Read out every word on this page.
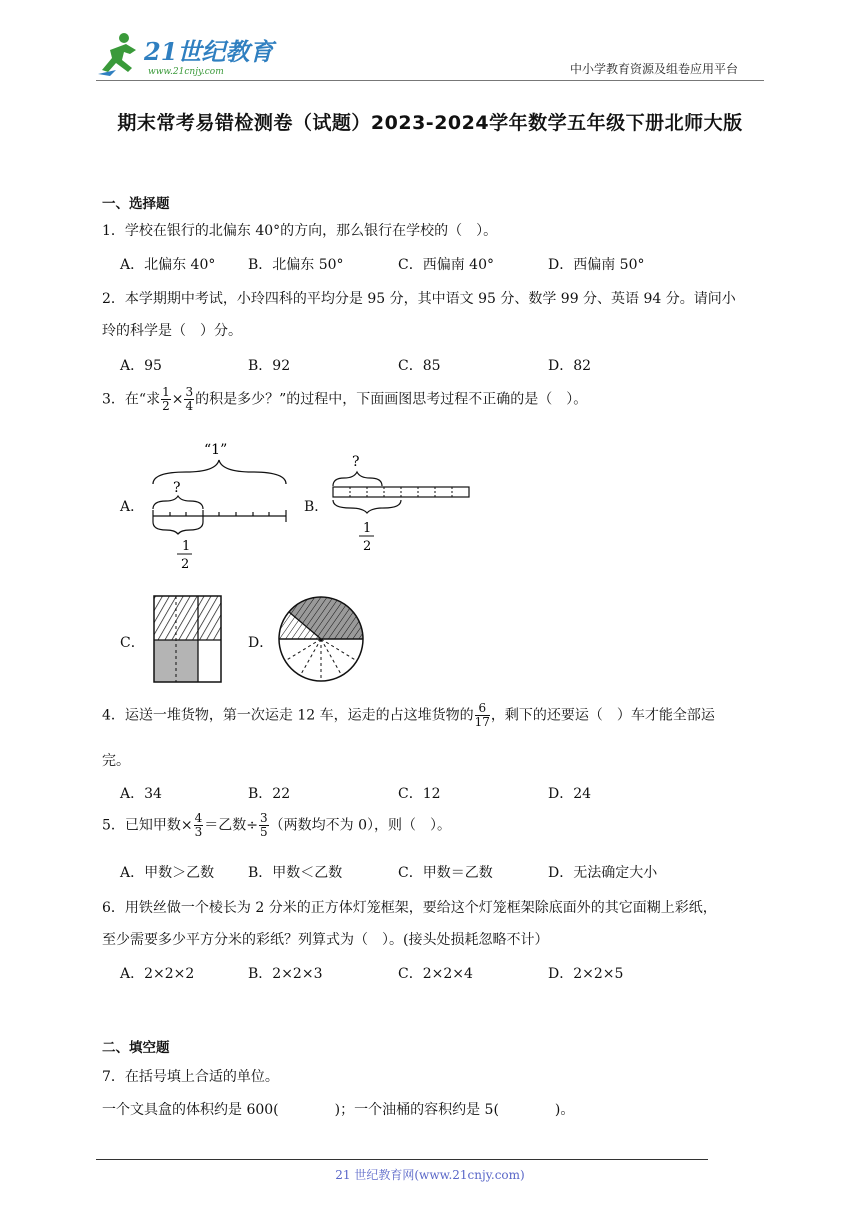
21世纪教育
www.21cnjy.com	中小学教育资源及组卷应用平台
期末常考易错检测卷（试题）2023-2024学年数学五年级下册北师大版
一、选择题
1．学校在银行的北偏东 40°的方向，那么银行在学校的（　）。
A．北偏东 40° B．北偏东 50°	C．西偏南 40°	D．西偏南 50°
2．本学期期中考试，小玲四科的平均分是 95 分，其中语文 95 分、数学 99 分、英语 94 分。请问小
玲的科学是（　）分。
A．95	B．92	C．85	D．82
3．在“求 $\frac{1}{2} \times \frac{3}{4}$ 的积是多少？”的过程中，下面画图思考过程不正确的是（　）。
A．
“1”
?
1
2
B．
?
1
2
C．	D．
4．运送一堆货物，第一次运走 12 车，运走的占这堆货物的 $\frac{6}{17}$ ，剩下的还要运（　）车才能全部运
完。
A．34	B．22	C．12	D．24
5．已知甲数× $\frac{4}{3}$ ＝乙数÷ $\frac{3}{5}$ （两数均不为 0），则（　）。
A．甲数＞乙数 B．甲数＜乙数	C．甲数＝乙数	D．无法确定大小
6．用铁丝做一个棱长为 2 分米的正方体灯笼框架，要给这个灯笼框架除底面外的其它面糊上彩纸，
至少需要多少平方分米的彩纸？列算式为（　）。(接头处损耗忽略不计）
A．2×2×2	B．2×2×3	C．2×2×4	D．2×2×5
二、填空题
7．在括号填上合适的单位。
一个文具盒的体积约是 600(　　　　)；一个油桶的容积约是 5(　　　　)。
21 世纪教育网(www.21cnjy.com)
